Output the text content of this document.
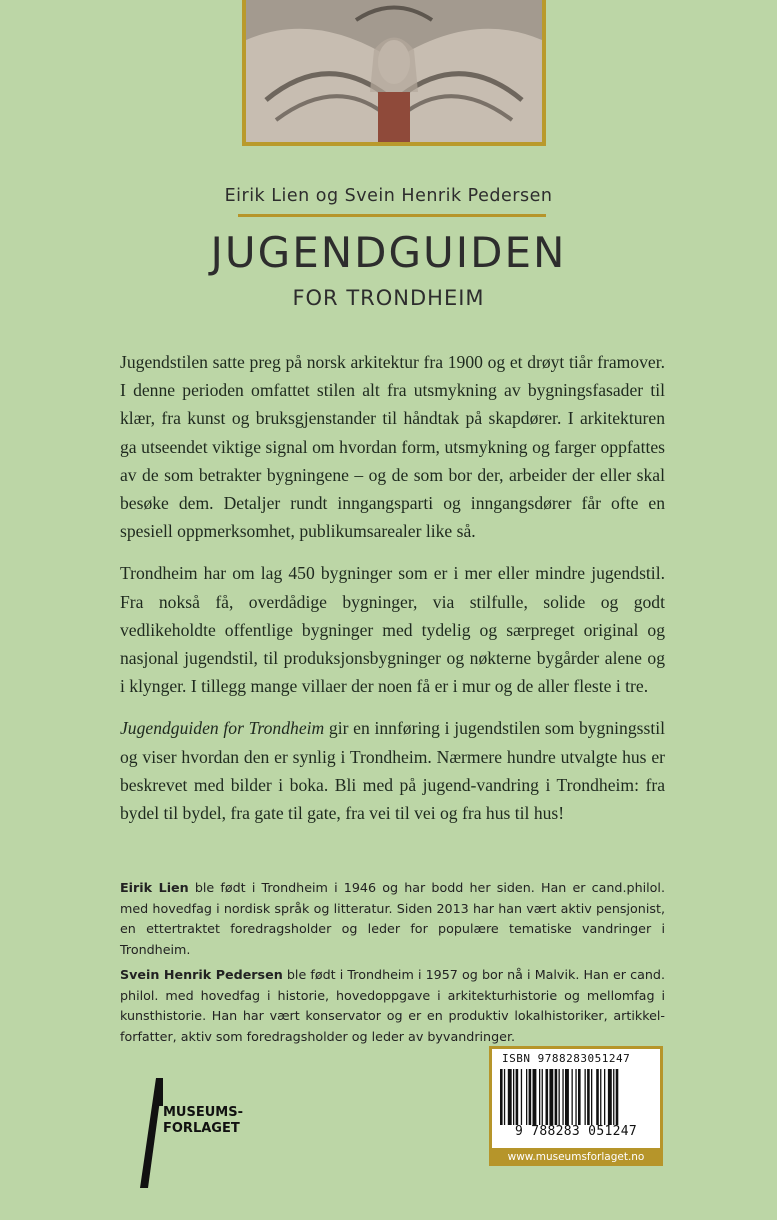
Eirik Lien og Svein Henrik Pedersen
JUGENDGUIDEN
FOR TRONDHEIM

Jugendstilen satte preg på norsk arkitektur fra 1900 og et drøyt tiår framover. I denne perioden omfattet stilen alt fra utsmykning av bygningsfasader til klær, fra kunst og bruksgjenstander til håndtak på skapdører. I arkitekturen ga utseendet viktige signal om hvordan form, utsmykning og farger oppfattes av de som betrakter bygningene – og de som bor der, arbeider der eller skal besøke dem. Detaljer rundt inngangsparti og inngangsdører får ofte en spesiell oppmerksomhet, publikumsarealer like så.

Trondheim har om lag 450 bygninger som er i mer eller mindre jugendstil. Fra nokså få, overdådige bygninger, via stilfulle, solide og godt vedlikeholdte offentlige bygninger med tydelig og særpreget original og nasjonal jugendstil, til produksjonsbygninger og nøkterne bygårder alene og i klynger. I tillegg mange villaer der noen få er i mur og de aller fleste i tre.

Jugendguiden for Trondheim gir en innføring i jugendstilen som bygningsstil og viser hvordan den er synlig i Trondheim. Nærmere hundre utvalgte hus er beskrevet med bilder i boka. Bli med på jugend-vandring i Trondheim: fra bydel til bydel, fra gate til gate, fra vei til vei og fra hus til hus!

Eirik Lien ble født i Trondheim i 1946 og har bodd her siden. Han er cand.philol. med hovedfag i nordisk språk og litteratur. Siden 2013 har han vært aktiv pensjonist, en ettertraktet foredragsholder og leder for populære tematiske vandringer i Trondheim.

Svein Henrik Pedersen ble født i Trondheim i 1957 og bor nå i Malvik. Han er cand. philol. med hovedfag i historie, hovedoppgave i arkitekturhistorie og mellomfag i kunsthistorie. Han har vært konservator og er en produktiv lokalhistoriker, artikkel-forfatter, aktiv som foredragsholder og leder av byvandringer.

MUSEUMS-
FORLAGET
ISBN 9788283051247
9 788283 051247
www.museumsforlaget.no
